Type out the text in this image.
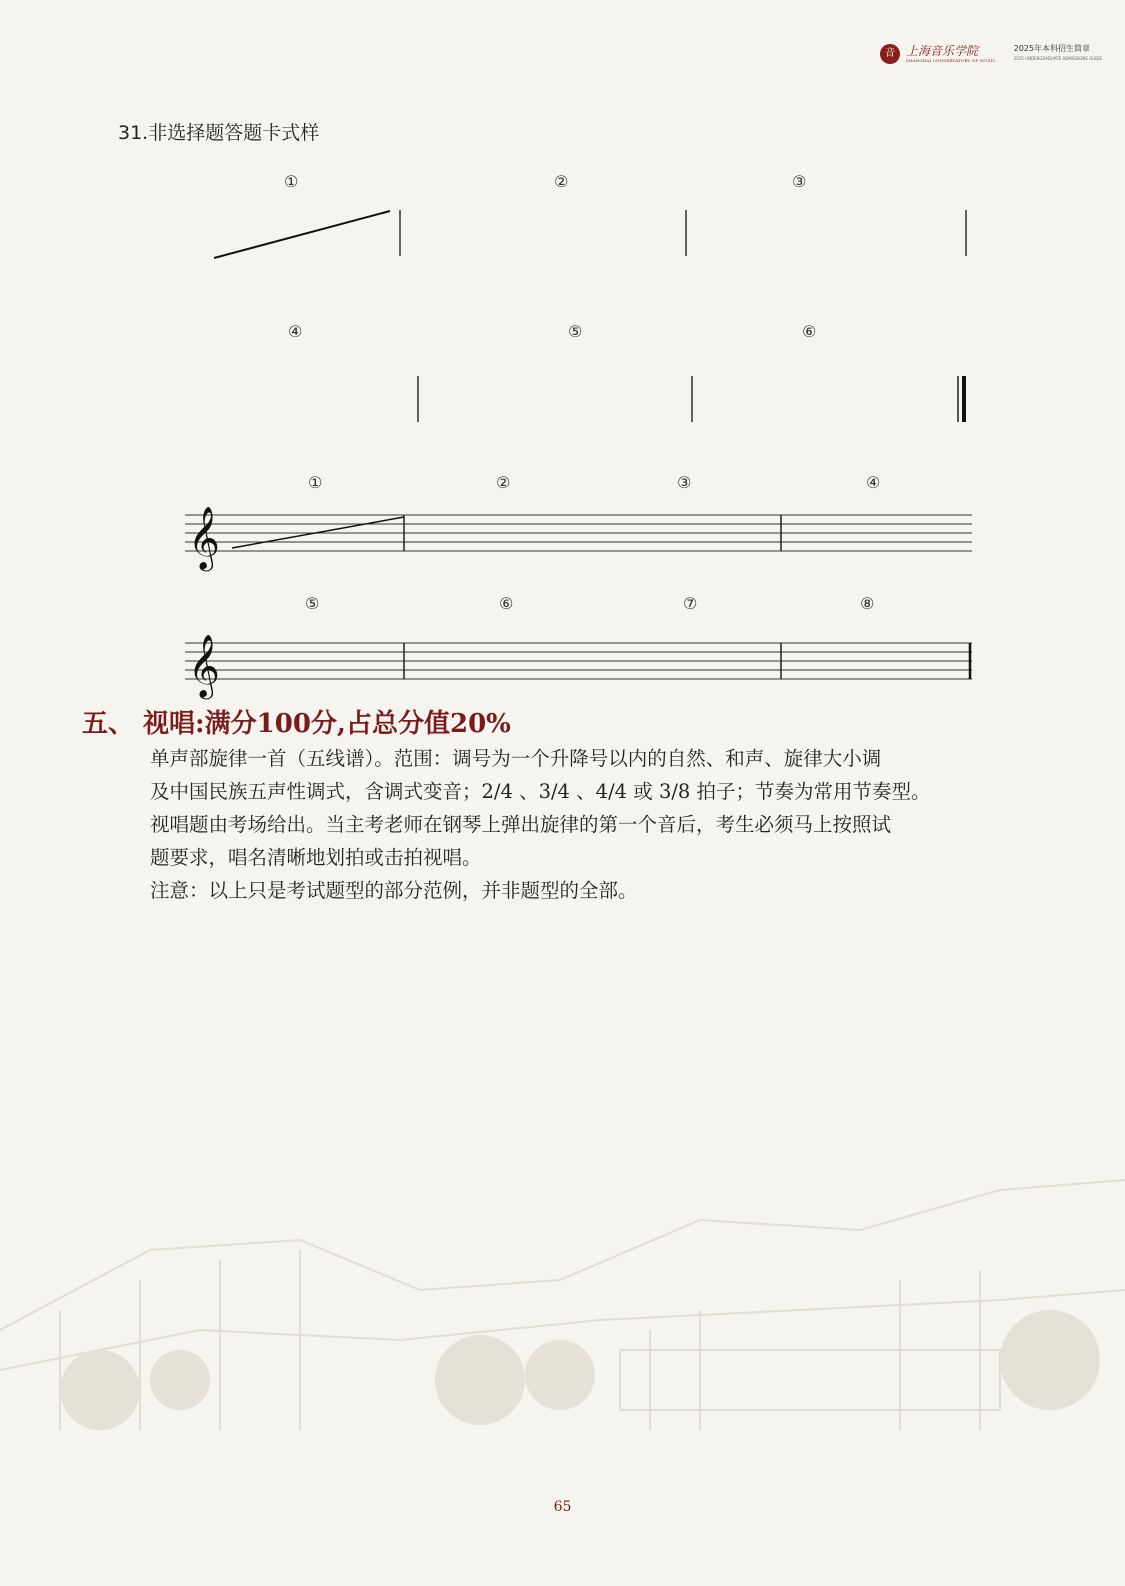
音 上海音乐学院
SHANGHAI CONSERVATORY OF MUSIC
2025年本科招生简章
2025 UNDERGRADUATE ADMISSIONS GUIDE
31.非选择题答题卡式样
①	②	③
④	⑤	⑥
①	②	③	④
⑤	⑥	⑦	⑧
𝄞
𝄞
五、 视唱:满分100分,占总分值20%

单声部旋律一首（五线谱）。范围：调号为一个升降号以内的自然、和声、旋律大小调

及中国民族五声性调式，含调式变音；2/4 、3/4 、4/4 或 3/8 拍子；节奏为常用节奏型。

视唱题由考场给出。当主考老师在钢琴上弹出旋律的第一个音后，考生必须马上按照试

题要求，唱名清晰地划拍或击拍视唱。

注意：以上只是考试题型的部分范例，并非题型的全部。

65
